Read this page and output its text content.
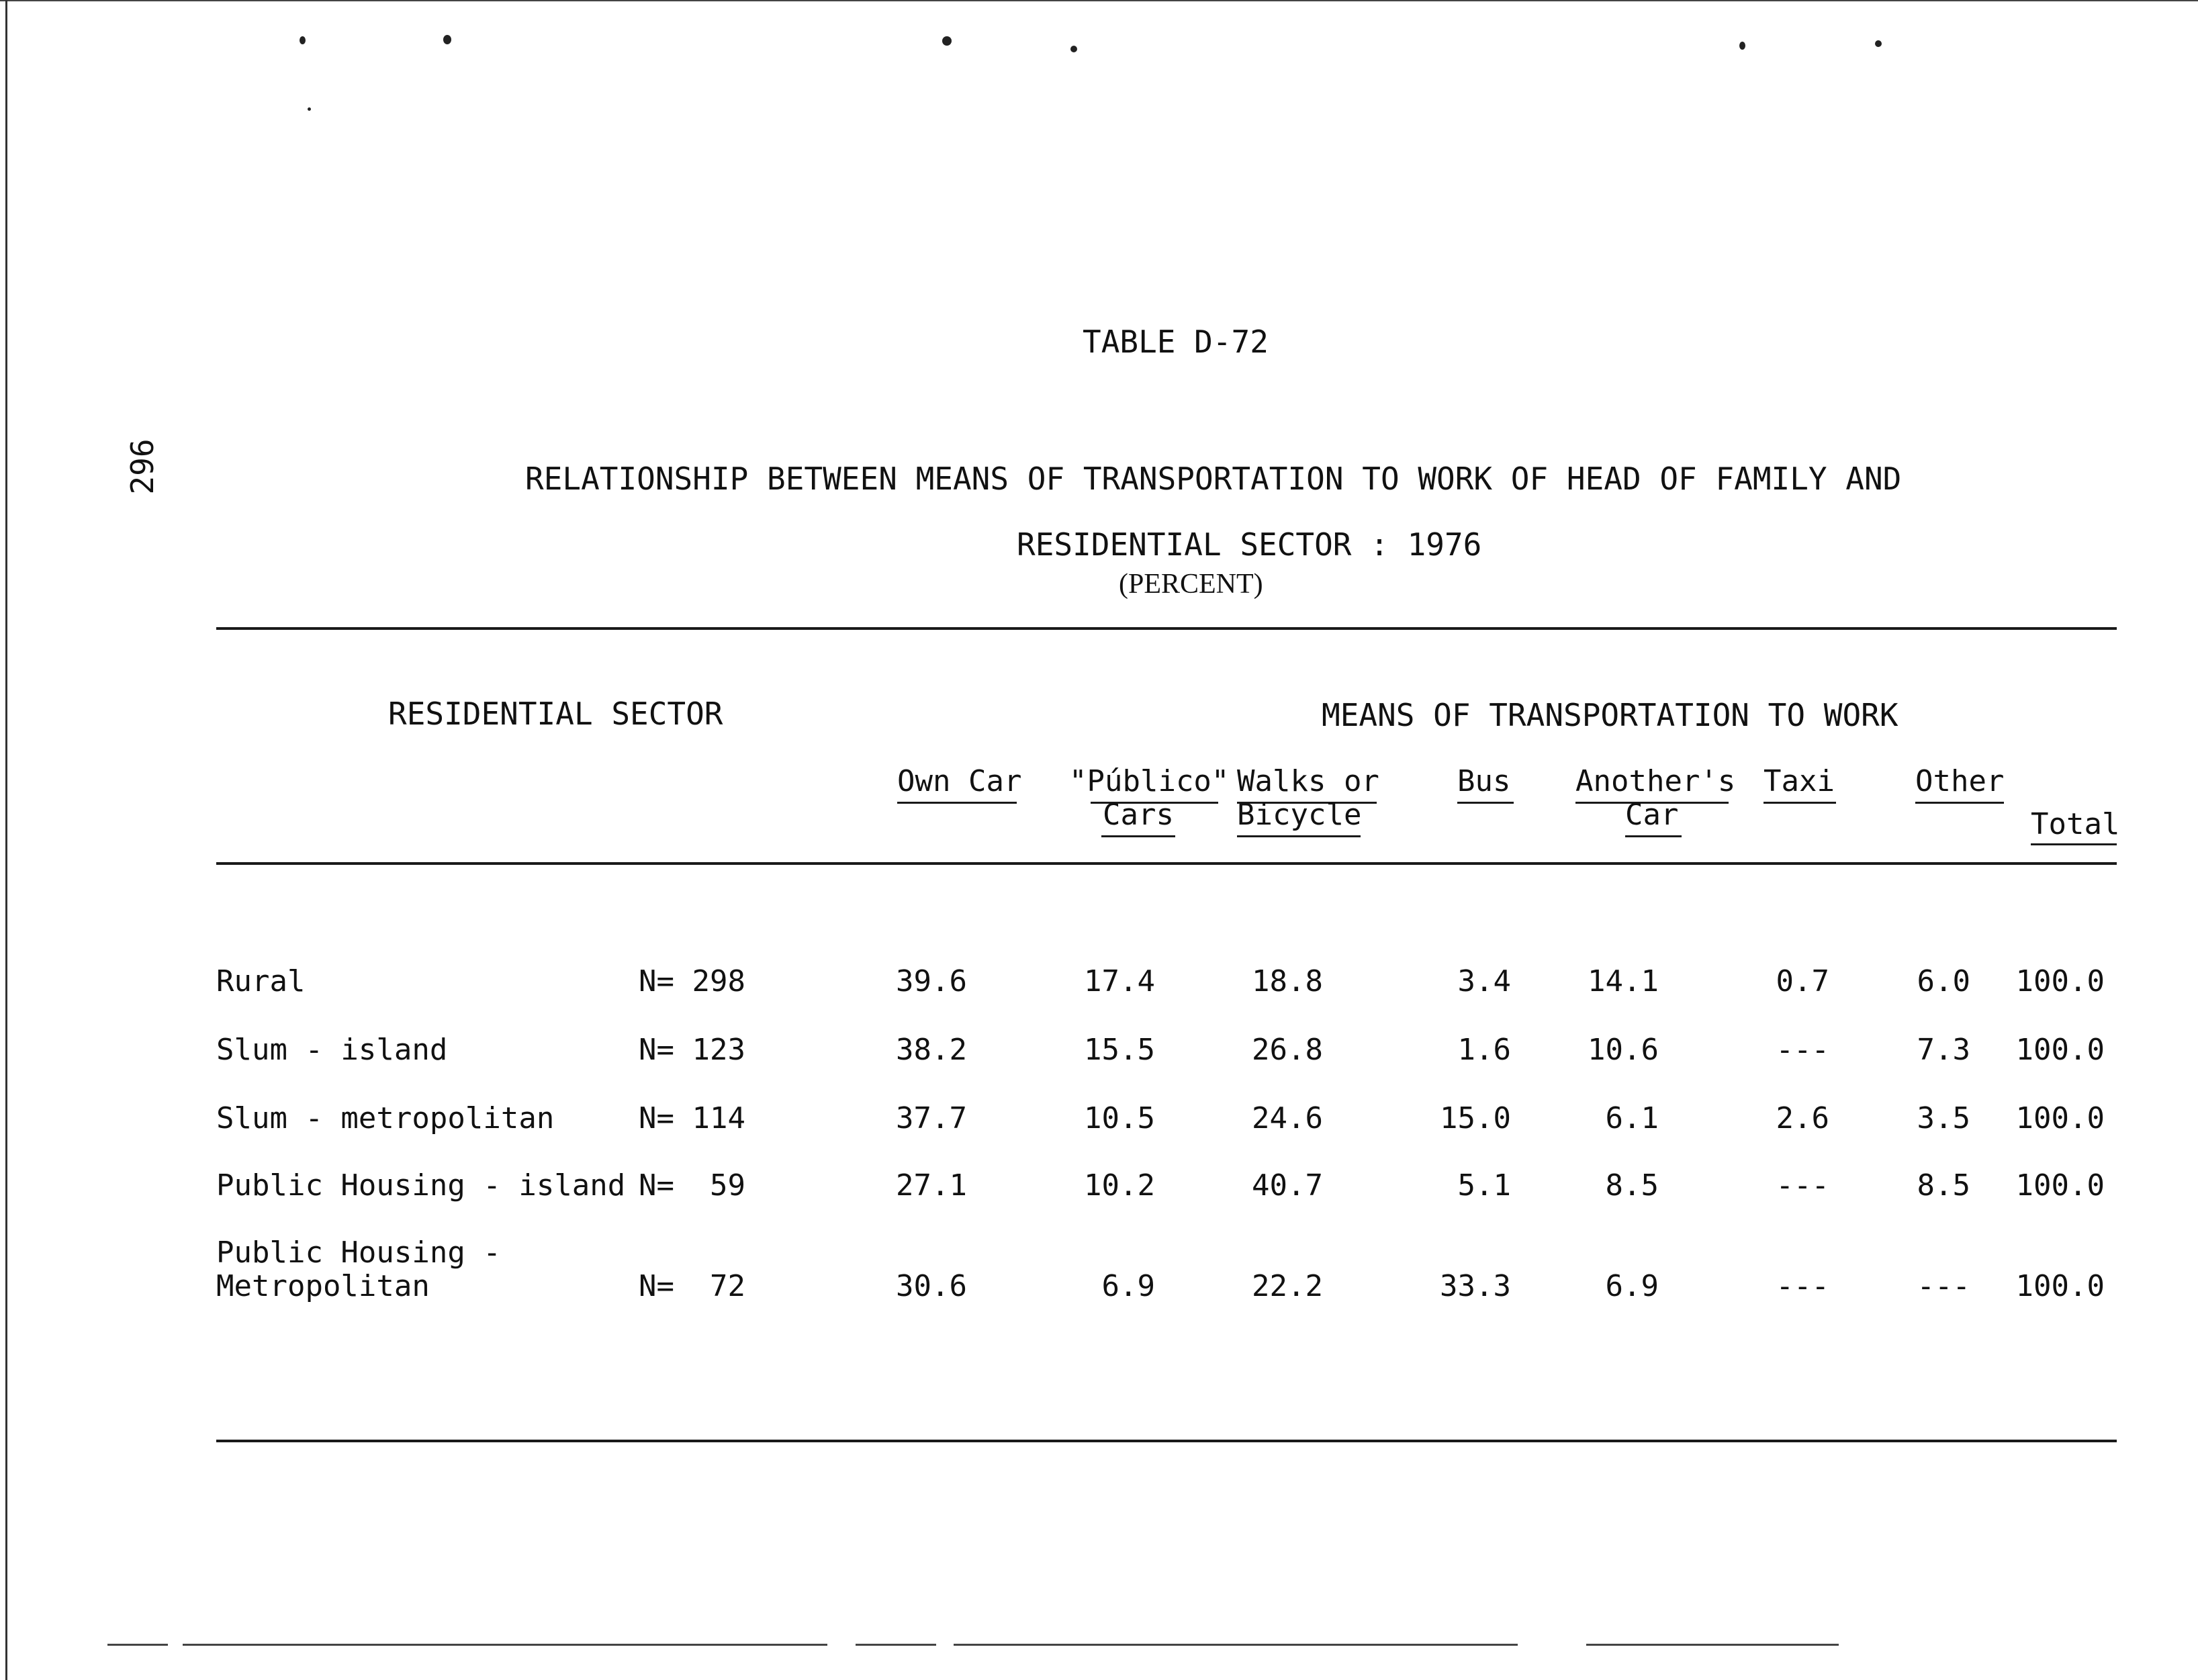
296
TABLE D-72
RELATIONSHIP BETWEEN MEANS OF TRANSPORTATION TO WORK OF HEAD OF FAMILY AND
RESIDENTIAL SECTOR : 1976
(PERCENT)
RESIDENTIAL SECTOR	MEANS OF TRANSPORTATION TO WORK
Own Car "Público"
Cars
Walks or
Bicycle
Bus Another's
Car
Taxi	Other
Total
Rural	N= 298	39.6	17.4	18.8	3.4	14.1	0.7	6.0	100.0
Slum - island	N= 123	38.2	15.5	26.8	1.6	10.6	---	7.3	100.0
Slum - metropolitan	N= 114	37.7	10.5	24.6	15.0	6.1	2.6	3.5	100.0
Public Housing - island N=  59	27.1	10.2	40.7	5.1	8.5	---	8.5	100.0
Public Housing -
Metropolitan	N=  72	30.6	6.9	22.2	33.3	6.9	---	---	100.0
